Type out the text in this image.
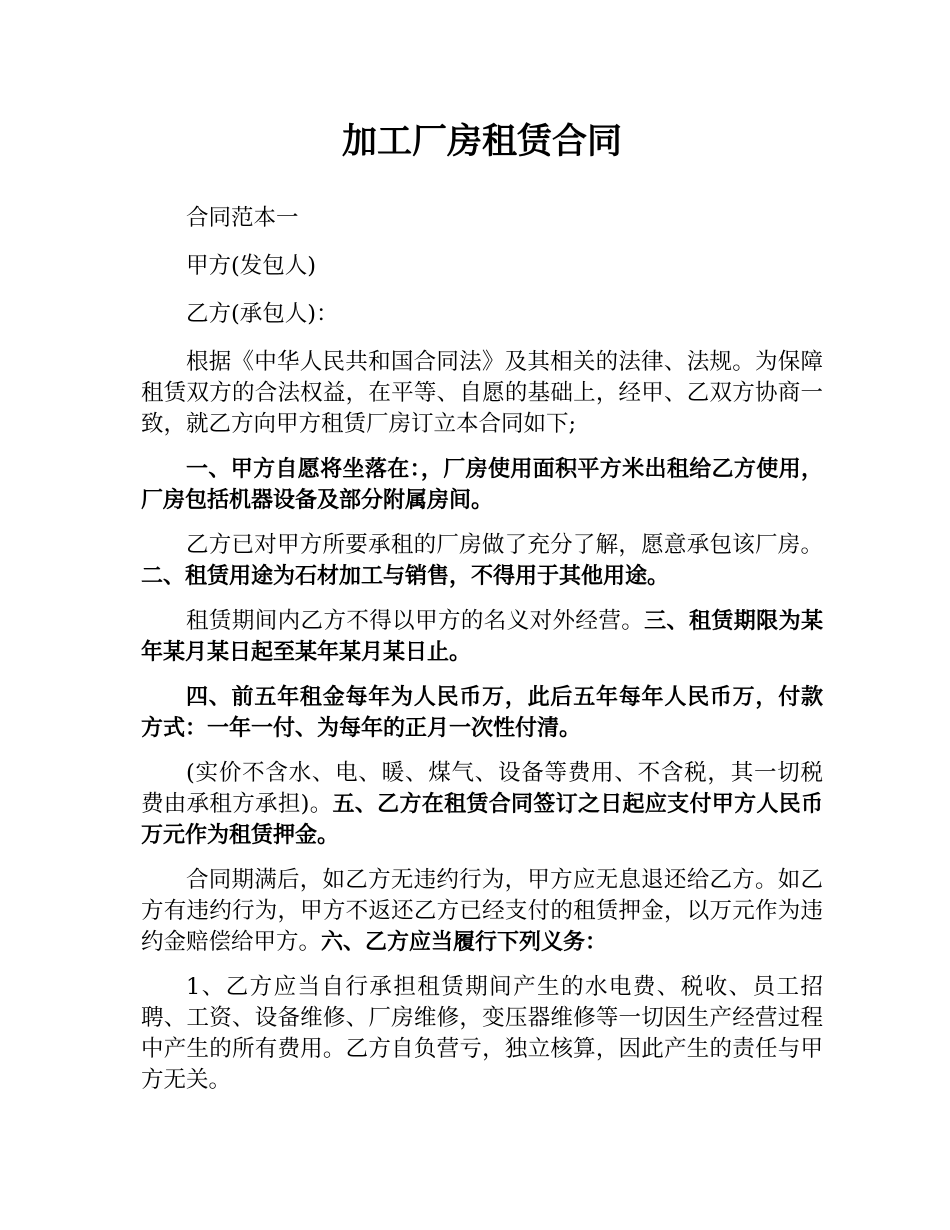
加工厂房租赁合同

合同范本一

甲方(发包人)

乙方(承包人)：

根据《中华人民共和国合同法》及其相关的法律、法规。为保障租赁双方的合法权益，在平等、自愿的基础上，经甲、乙双方协商一致，就乙方向甲方租赁厂房订立本合同如下;

一、甲方自愿将坐落在：，厂房使用面积平方米出租给乙方使用，厂房包括机器设备及部分附属房间。

乙方已对甲方所要承租的厂房做了充分了解，愿意承包该厂房。二、租赁用途为石材加工与销售，不得用于其他用途。

租赁期间内乙方不得以甲方的名义对外经营。三、租赁期限为某年某月某日起至某年某月某日止。

四、前五年租金每年为人民币万，此后五年每年人民币万，付款方式：一年一付、为每年的正月一次性付清。

(实价不含水、电、暖、煤气、设备等费用、不含税，其一切税费由承租方承担)。五、乙方在租赁合同签订之日起应支付甲方人民币万元作为租赁押金。

合同期满后，如乙方无违约行为，甲方应无息退还给乙方。如乙方有违约行为，甲方不返还乙方已经支付的租赁押金，以万元作为违约金赔偿给甲方。六、乙方应当履行下列义务：

1、乙方应当自行承担租赁期间产生的水电费、税收、员工招聘、工资、设备维修、厂房维修，变压器维修等一切因生产经营过程中产生的所有费用。乙方自负营亏，独立核算，因此产生的责任与甲方无关。
